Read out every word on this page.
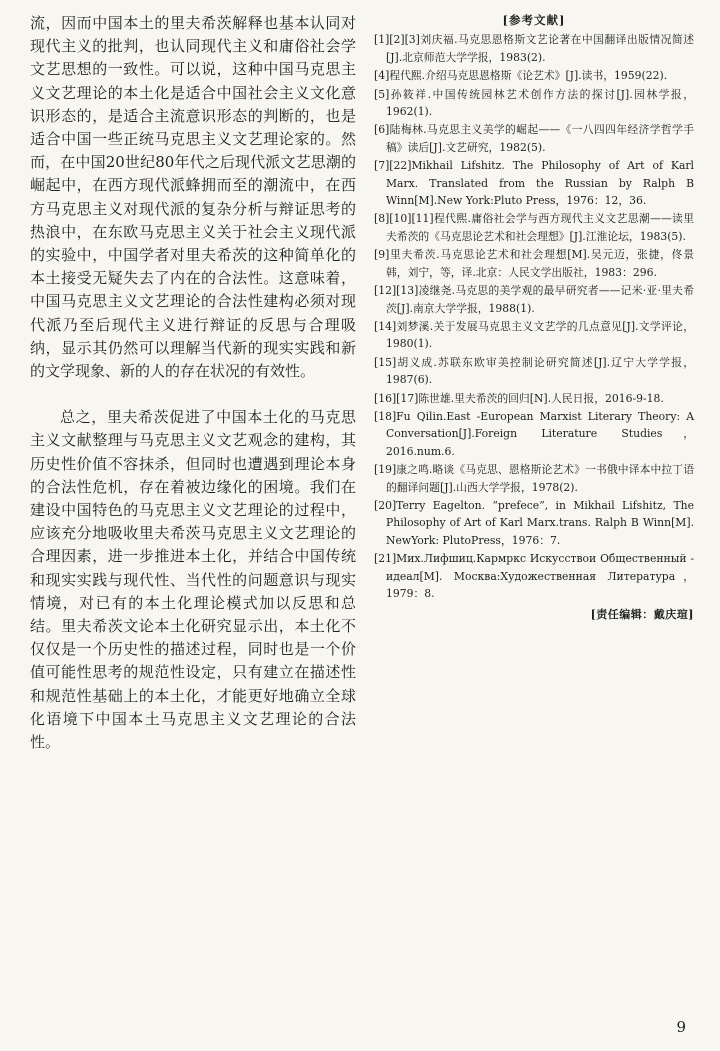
流，因而中国本土的里夫希茨解释也基本认同对现代主义的批判，也认同现代主义和庸俗社会学文艺思想的一致性。可以说，这种中国马克思主义文艺理论的本土化是适合中国社会主义文化意识形态的，是适合主流意识形态的判断的，也是适合中国一些正统马克思主义文艺理论家的。然而，在中国20世纪80年代之后现代派文艺思潮的崛起中，在西方现代派蜂拥而至的潮流中，在西方马克思主义对现代派的复杂分析与辩证思考的热浪中，在东欧马克思主义关于社会主义现代派的实验中，中国学者对里夫希茨的这种简单化的本土接受无疑失去了内在的合法性。这意味着，中国马克思主义文艺理论的合法性建构必须对现代派乃至后现代主义进行辩证的反思与合理吸纳，显示其仍然可以理解当代新的现实实践和新的文学现象、新的人的存在状况的有效性。

总之，里夫希茨促进了中国本土化的马克思主义文献整理与马克思主义文艺观念的建构，其历史性价值不容抹杀，但同时也遭遇到理论本身的合法性危机，存在着被边缘化的困境。我们在建设中国特色的马克思主义文艺理论的过程中，应该充分地吸收里夫希茨马克思主义文艺理论的合理因素，进一步推进本土化，并结合中国传统和现实实践与现代性、当代性的问题意识与现实情境，对已有的本土化理论模式加以反思和总结。里夫希茨文论本土化研究显示出，本土化不仅仅是一个历史性的描述过程，同时也是一个价值可能性思考的规范性设定，只有建立在描述性和规范性基础上的本土化，才能更好地确立全球化语境下中国本土马克思主义文艺理论的合法性。

[参考文献]
[1][2][3]刘庆福.马克思恩格斯文艺论著在中国翻译出版情况简述[J].北京师范大学学报，1983(2).
[4]程代熙.介绍马克思恩格斯《论艺术》[J].读书，1959(22).
[5]孙筱祥.中国传统园林艺术创作方法的探讨[J].园林学报，1962(1).
[6]陆梅林.马克思主义美学的崛起——《一八四四年经济学哲学手稿》读后[J].文艺研究，1982(5).
[7][22]Mikhail Lifshitz. The Philosophy of Art of Karl Marx. Translated from the Russian by Ralph B Winn[M].New York:Pluto Press，1976：12，36.
[8][10][11]程代熙.庸俗社会学与西方现代主义文艺思潮——读里夫希茨的《马克思论艺术和社会理想》[J].江淮论坛，1983(5).
[9]里夫希茨.马克思论艺术和社会理想[M].吴元迈，张捷，佟景韩，刘宁，等，译.北京：人民文学出版社，1983：296.
[12][13]凌继尧.马克思的美学观的最早研究者——记米·亚·里夫希茨[J].南京大学学报，1988(1).
[14]刘梦溪.关于发展马克思主义文艺学的几点意见[J].文学评论，1980(1).
[15]胡义成.苏联东欧审美控制论研究简述[J].辽宁大学学报，1987(6).
[16][17]陈世雄.里夫希茨的回归[N].人民日报，2016-9-18.
[18]Fu Qilin.East -European Marxist Literary Theory: A Conversation[J].Foreign Literature Studies，2016.num.6.
[19]康之鸣.略谈《马克思、恩格斯论艺术》一书俄中译本中拉丁语的翻译问题[J].山西大学学报，1978(2).
[20]Terry Eagelton. “prefece”, in Mikhail Lifshitz, The Philosophy of Art of Karl Marx.trans. Ralph B Winn[M]. NewYork: PlutoPress，1976：7.
[21]Мих.Лифшиц.Кармркс Искусствои Общественный - идеал[M]. Москва:Художественная Литература，1979：8.
[责任编辑：戴庆瑄]
9
